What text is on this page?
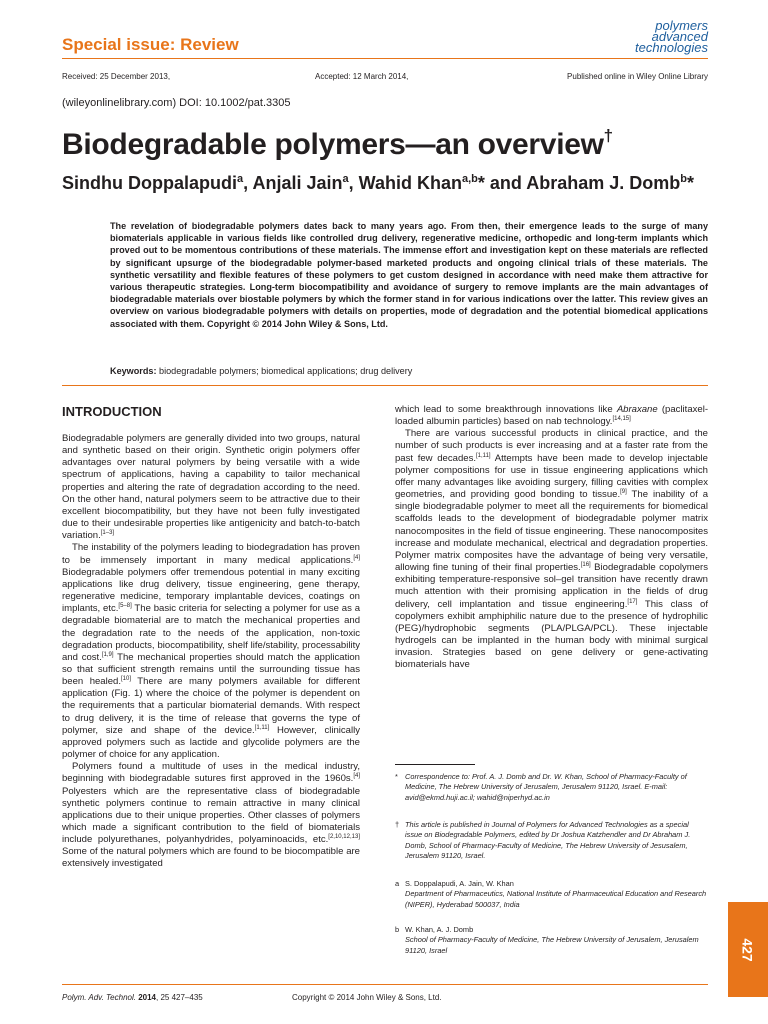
Special issue: Review
polymers
advanced
technologies
Received: 25 December 2013,	Accepted: 12 March 2014,	Published online in Wiley Online Library
(wileyonlinelibrary.com) DOI: 10.1002/pat.3305
Biodegradable polymers—an overview†
Sindhu Doppalapudi$^a$, Anjali Jain$^a$, Wahid Khan$^{a,b}$* and Abraham J. Domb$^b$*
The revelation of biodegradable polymers dates back to many years ago. From then, their emergence leads to the surge of many biomaterials applicable in various fields like controlled drug delivery, regenerative medicine, orthopedic and long-term implants which proved out to be momentous contributions of these materials. The immense effort and investigation kept on these materials are reflected by significant upsurge of the biodegradable polymer-based marketed products and ongoing clinical trials of these materials. The synthetic versatility and flexible features of these polymers to get custom designed in accordance with need make them attractive for various therapeutic strategies. Long-term biocompatibility and avoidance of surgery to remove implants are the main advantages of biodegradable materials over biostable polymers by which the former stand in for various indications over the latter. This review gives an overview on various biodegradable polymers with details on properties, mode of degradation and the potential biomedical applications associated with them. Copyright © 2014 John Wiley & Sons, Ltd.
Keywords: biodegradable polymers; biomedical applications; drug delivery
INTRODUCTION

Biodegradable polymers are generally divided into two groups, natural and synthetic based on their origin. Synthetic origin polymers offer advantages over natural polymers by being versatile with a wide spectrum of applications, having a capability to tailor mechanical properties and altering the rate of degradation according to the need. On the other hand, natural polymers seem to be attractive due to their excellent biocompatibility, but they have not been fully investigated due to their undesirable properties like antigenicity and batch-to-batch variation.[1–3]

The instability of the polymers leading to biodegradation has proven to be immensely important in many medical applications.[4] Biodegradable polymers offer tremendous potential in many exciting applications like drug delivery, tissue engineering, gene therapy, regenerative medicine, temporary implantable devices, coatings on implants, etc.[5–8] The basic criteria for selecting a polymer for use as a degradable biomaterial are to match the mechanical properties and the degradation rate to the needs of the application, non-toxic degradation products, biocompatibility, shelf life/stability, processability and cost.[1,9] The mechanical properties should match the application so that sufficient strength remains until the surrounding tissue has been healed.[10] There are many polymers available for different application (Fig. 1) where the choice of the polymer is dependent on the requirements that a particular biomaterial demands. With respect to drug delivery, it is the time of release that governs the type of polymer, size and shape of the device.[1,11] However, clinically approved polymers such as lactide and glycolide polymers are the polymer of choice for any application.

Polymers found a multitude of uses in the medical industry, beginning with biodegradable sutures first approved in the 1960s.[4] Polyesters which are the representative class of biodegradable synthetic polymers continue to remain attractive in many clinical applications due to their unique properties. Other classes of polymers which made a significant contribution to the field of biomaterials include polyurethanes, polyanhydrides, polyaminoacids, etc.[2,10,12,13] Some of the natural polymers which are found to be biocompatible are extensively investigated

which lead to some breakthrough innovations like Abraxane (paclitaxel-loaded albumin particles) based on nab technology.[14,15]

There are various successful products in clinical practice, and the number of such products is ever increasing and at a faster rate from the past few decades.[1,11] Attempts have been made to develop injectable polymer compositions for use in tissue engineering applications which offer many advantages like avoiding surgery, filling cavities with complex geometries, and providing good bonding to tissue.[9] The inability of a single biodegradable polymer to meet all the requirements for biomedical scaffolds leads to the development of biodegradable polymer matrix nanocomposites in the field of tissue engineering. These nanocomposites increase and modulate mechanical, electrical and degradation properties. Polymer matrix composites have the advantage of being very versatile, allowing fine tuning of their final properties.[16] Biodegradable copolymers exhibiting temperature-responsive sol–gel transition have recently drawn much attention with their promising application in the fields of drug delivery, cell implantation and tissue engineering.[17] This class of copolymers exhibit amphiphilic nature due to the presence of hydrophilic (PEG)/hydrophobic segments (PLA/PLGA/PCL). These injectable hydrogels can be implanted in the human body with minimal surgical invasion. Strategies based on gene delivery or gene-activating biomaterials have

* Correspondence to: Prof. A. J. Domb and Dr. W. Khan, School of Pharmacy-Faculty of Medicine, The Hebrew University of Jerusalem, Jerusalem 91120, Israel. E-mail: avid@ekmd.huji.ac.il; wahid@niperhyd.ac.in
† This article is published in Journal of Polymers for Advanced Technologies as a special issue on Biodegradable Polymers, edited by Dr Joshua Katzhendler and Dr Abraham J. Domb, School of Pharmacy-Faculty of Medicine, The Hebrew University of Jesusalem, Jerusalem 91120, Israel.
a S. Doppalapudi, A. Jain, W. Khan
Department of Pharmaceutics, National Institute of Pharmaceutical Education and Research (NIPER), Hyderabad 500037, India
b W. Khan, A. J. Domb
School of Pharmacy-Faculty of Medicine, The Hebrew University of Jerusalem, Jerusalem 91120, Israel
Polym. Adv. Technol. 2014, 25 427–435	Copyright © 2014 John Wiley & Sons, Ltd.
427
